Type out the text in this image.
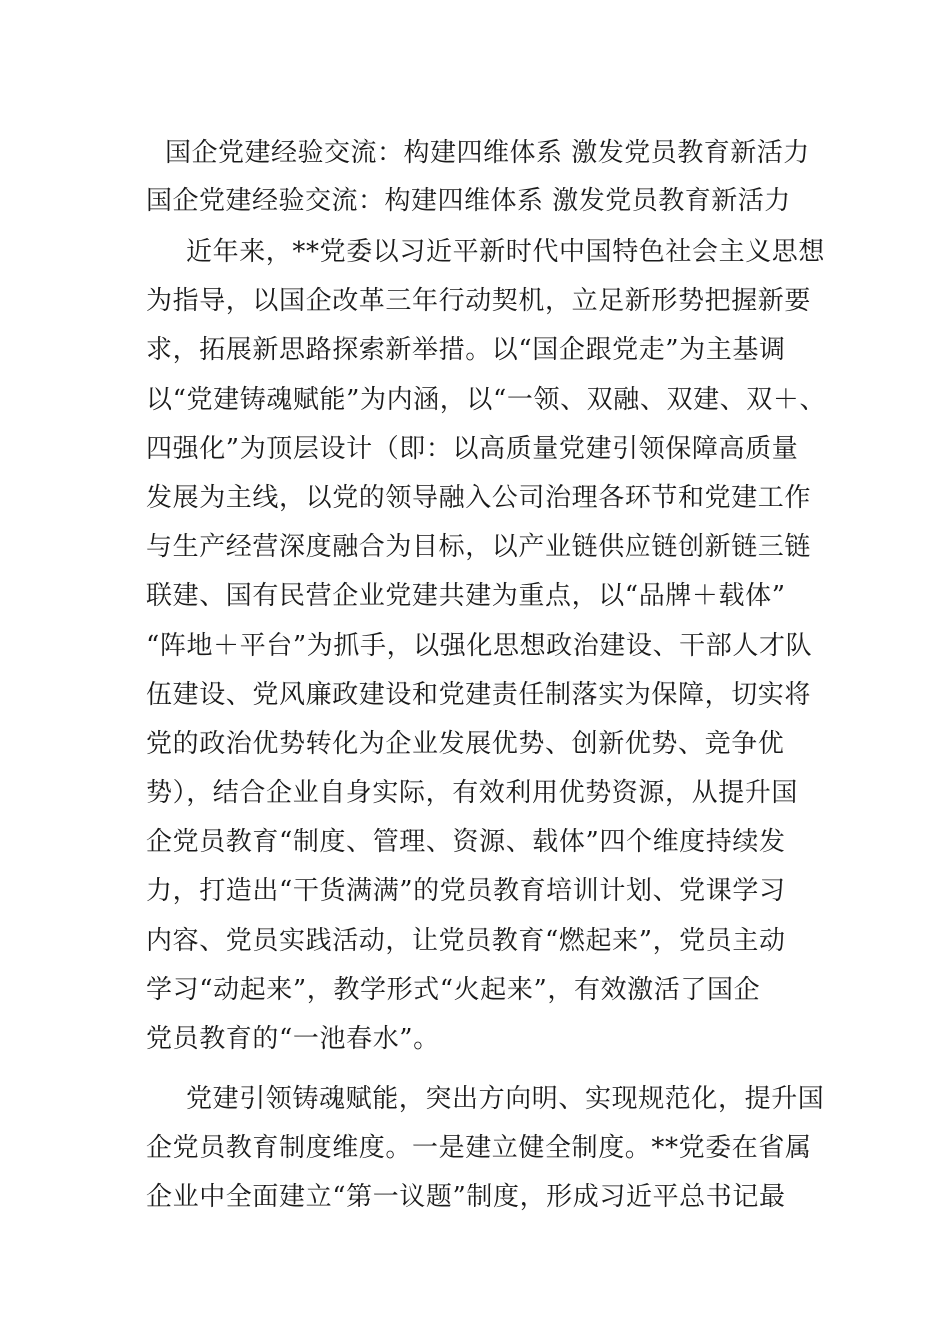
国企党建经验交流：构建四维体系 激发党员教育新活力
国企党建经验交流：构建四维体系 激发党员教育新活力
近年来，**党委以习近平新时代中国特色社会主义思想
为指导，以国企改革三年行动契机，立足新形势把握新要
求，拓展新思路探索新举措。以“国企跟党走”为主基调
以“党建铸魂赋能”为内涵，以“一领、双融、双建、双＋、
四强化”为顶层设计（即：以高质量党建引领保障高质量
发展为主线，以党的领导融入公司治理各环节和党建工作
与生产经营深度融合为目标，以产业链供应链创新链三链
联建、国有民营企业党建共建为重点，以“品牌＋载体”
“阵地＋平台”为抓手，以强化思想政治建设、干部人才队
伍建设、党风廉政建设和党建责任制落实为保障，切实将
党的政治优势转化为企业发展优势、创新优势、竞争优
势），结合企业自身实际，有效利用优势资源，从提升国
企党员教育“制度、管理、资源、载体”四个维度持续发
力，打造出“干货满满”的党员教育培训计划、党课学习
内容、党员实践活动，让党员教育“燃起来”，党员主动
学习“动起来”，教学形式“火起来”，有效激活了国企
党员教育的“一池春水”。
党建引领铸魂赋能，突出方向明、实现规范化，提升国
企党员教育制度维度。一是建立健全制度。**党委在省属
企业中全面建立“第一议题”制度，形成习近平总书记最
